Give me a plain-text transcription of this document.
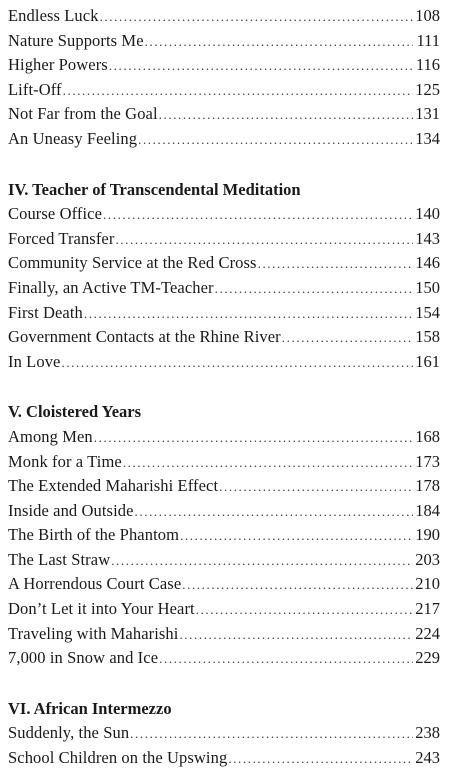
Endless Luck .....	108
Nature Supports Me .....	111
Higher Powers .....	116
Lift-Off .....	125
Not Far from the Goal .....	131
An Uneasy Feeling .....	134
IV. Teacher of Transcendental Meditation
Course Office .....	140
Forced Transfer .....	143
Community Service at the Red Cross .....	146
Finally, an Active TM-Teacher .....	150
First Death .....	154
Government Contacts at the Rhine River .....	158
In Love .....	161
V. Cloistered Years
Among Men .....	168
Monk for a Time .....	173
The Extended Maharishi Effect .....	178
Inside and Outside .....	184
The Birth of the Phantom .....	190
The Last Straw .....	203
A Horrendous Court Case .....	210
Don’t Let it into Your Heart .....	217
Traveling with Maharishi .....	224
7,000 in Snow and Ice .....	229
VI. African Intermezzo
Suddenly, the Sun .....	238
School Children on the Upswing .....	243
